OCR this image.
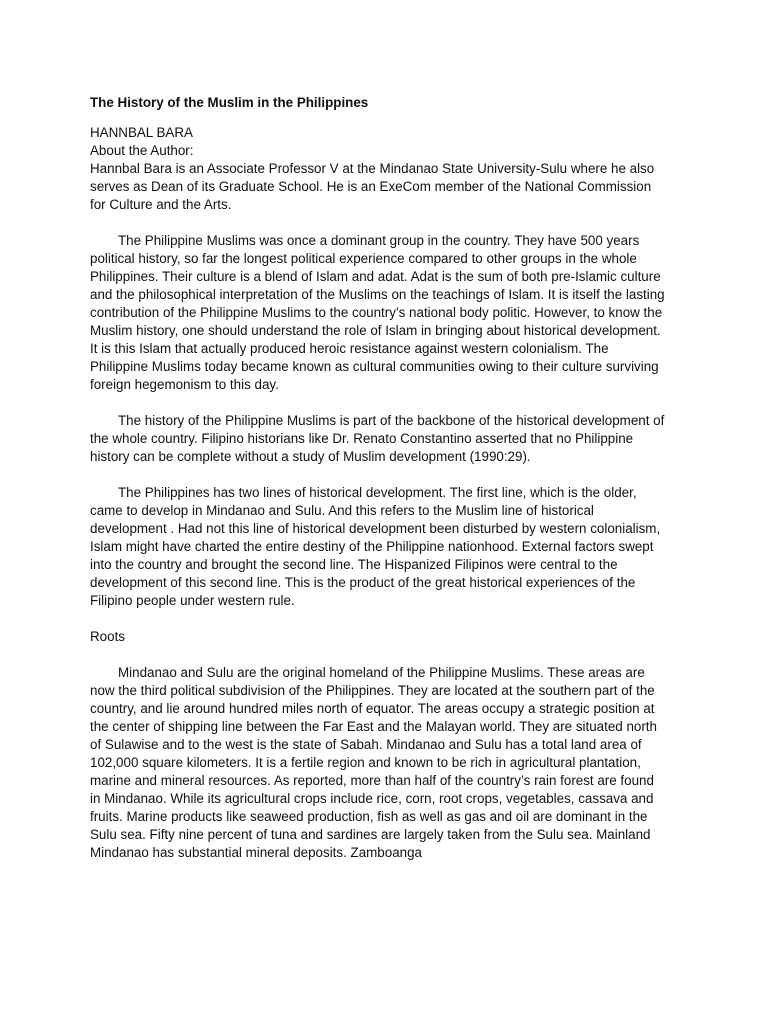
The History of the Muslim in the Philippines
HANNBAL BARA
About the Author:
Hannbal Bara is an Associate Professor V at the Mindanao State University-Sulu where he also serves as Dean of its Graduate School. He is an ExeCom member of the National Commission for Culture and the Arts.

The Philippine Muslims was once a dominant group in the country. They have 500 years political history, so far the longest political experience compared to other groups in the whole Philippines. Their culture is a blend of Islam and adat. Adat is the sum of both pre-Islamic culture and the philosophical interpretation of the Muslims on the teachings of Islam. It is itself the lasting contribution of the Philippine Muslims to the country’s national body politic. However, to know the Muslim history, one should understand the role of Islam in bringing about historical development. It is this Islam that actually produced heroic resistance against western colonialism. The Philippine Muslims today became known as cultural communities owing to their culture surviving foreign hegemonism to this day.

The history of the Philippine Muslims is part of the backbone of the historical development of the whole country. Filipino historians like Dr. Renato Constantino asserted that no Philippine history can be complete without a study of Muslim development (1990:29).

The Philippines has two lines of historical development. The first line, which is the older, came to develop in Mindanao and Sulu. And this refers to the Muslim line of historical development . Had not this line of historical development been disturbed by western colonialism, Islam might have charted the entire destiny of the Philippine nationhood. External factors swept into the country and brought the second line. The Hispanized Filipinos were central to the development of this second line. This is the product of the great historical experiences of the Filipino people under western rule.

Roots

Mindanao and Sulu are the original homeland of the Philippine Muslims. These areas are now the third political subdivision of the Philippines. They are located at the southern part of the country, and lie around hundred miles north of equator. The areas occupy a strategic position at the center of shipping line between the Far East and the Malayan world. They are situated north of Sulawise and to the west is the state of Sabah. Mindanao and Sulu has a total land area of 102,000 square kilometers. It is a fertile region and known to be rich in agricultural plantation, marine and mineral resources. As reported, more than half of the country’s rain forest are found in Mindanao. While its agricultural crops include rice, corn, root crops, vegetables, cassava and fruits. Marine products like seaweed production, fish as well as gas and oil are dominant in the Sulu sea. Fifty nine percent of tuna and sardines are largely taken from the Sulu sea. Mainland Mindanao has substantial mineral deposits. Zamboanga
